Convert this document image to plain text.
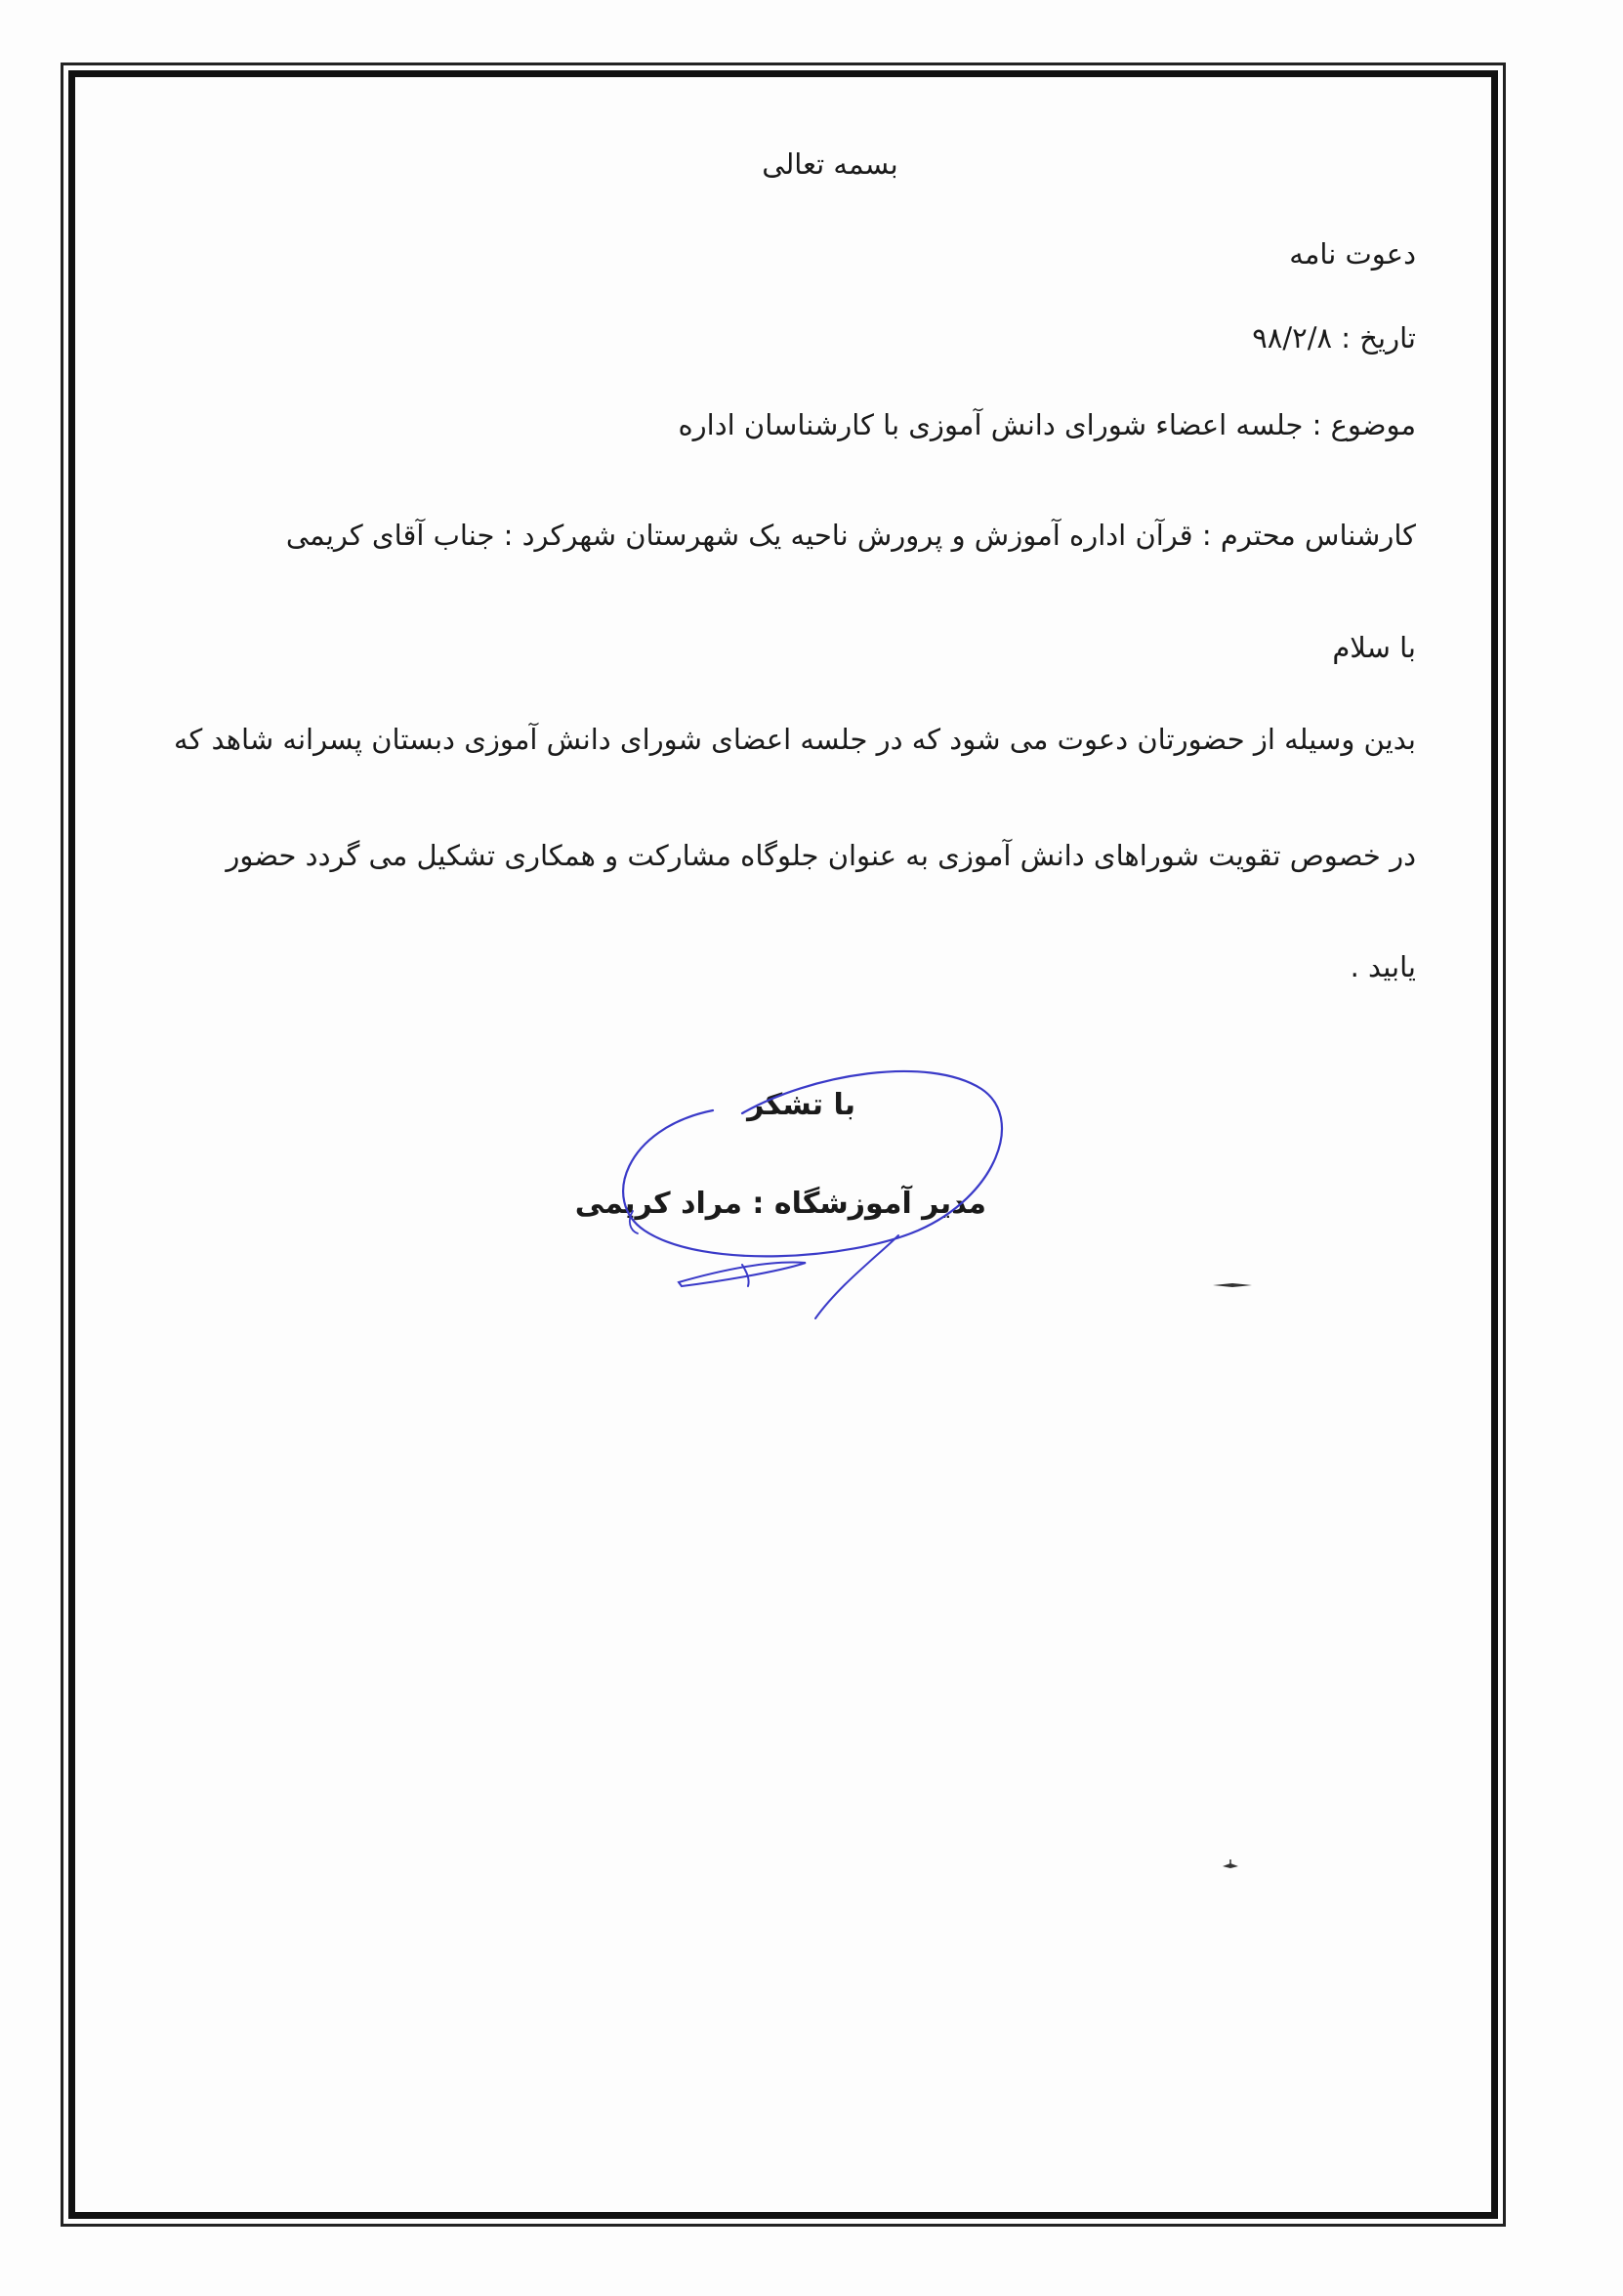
بسمه تعالی
دعوت نامه
تاریخ : ۹۸/۲/۸
موضوع : جلسه اعضاء شورای دانش آموزی با کارشناسان اداره
کارشناس محترم : قرآن اداره آموزش و پرورش ناحیه یک شهرستان شهرکرد : جناب آقای کریمی
با سلام
بدین وسیله از حضورتان دعوت می شود که در جلسه اعضای شورای دانش آموزی دبستان پسرانه شاهد که
در خصوص تقویت شوراهای دانش آموزی به عنوان جلوگاه مشارکت و همکاری تشکیل می گردد حضور
یابید .
با تشکر
مدیر آموزشگاه : مراد کریمی
